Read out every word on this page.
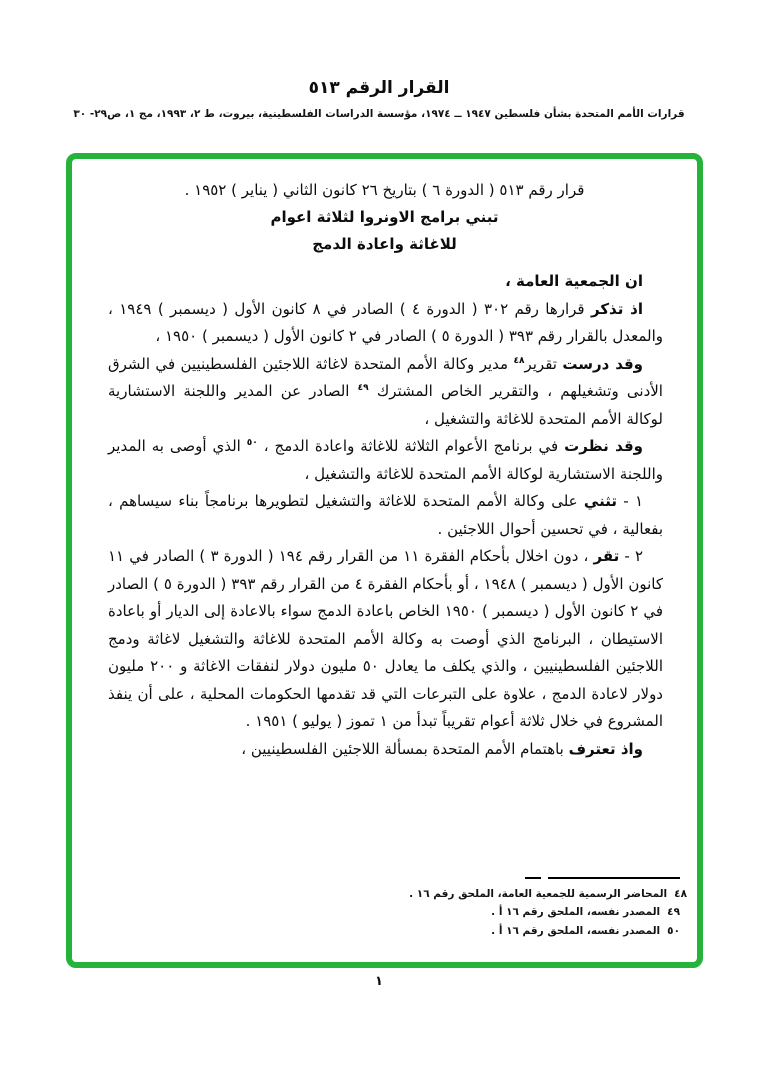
القرار الرقم ٥١٣
قرارات الأمم المتحدة بشأن فلسطين ١٩٤٧ ــ ١٩٧٤، مؤسسة الدراسات الفلسطينية، بيروت، ط ٢، ١٩٩٣، مج ١، ص٢٩- ٣٠
قرار رقم ٥١٣ ( الدورة ٦ ) بتاريخ ٢٦ كانون الثاني ( يناير ) ١٩٥٢ .
تبني برامج الاونروا لثلاثة اعوام
للاغاثة واعادة الدمج

ان الجمعية العامة ،

اذ تذكر قرارها رقم ٣٠٢ ( الدورة ٤ ) الصادر في ٨ كانون الأول ( ديسمبر ) ١٩٤٩ ، والمعدل بالقرار رقم ٣٩٣ ( الدورة ٥ ) الصادر في ٢ كانون الأول ( ديسمبر ) ١٩٥٠ ،

وقد درست تقرير$^{٤٨}$ مدير وكالة الأمم المتحدة لاغاثة اللاجئين الفلسطينيين في الشرق الأدنى وتشغيلهم ، والتقرير الخاص المشترك $^{٤٩}$ الصادر عن المدير واللجنة الاستشارية لوكالة الأمم المتحدة للاغاثة والتشغيل ،

وقد نظرت في برنامج الأعوام الثلاثة للاغاثة واعادة الدمج ، $^{٥٠}$ الذي أوصى به المدير واللجنة الاستشارية لوكالة الأمم المتحدة للاغاثة والتشغيل ،

١ - تثني على وكالة الأمم المتحدة للاغاثة والتشغيل لتطويرها برنامجاً بناء سيساهم ، بفعالية ، في تحسين أحوال اللاجئين .

٢ - تقر ، دون اخلال بأحكام الفقرة ١١ من القرار رقم ١٩٤ ( الدورة ٣ ) الصادر في ١١ كانون الأول ( ديسمبر ) ١٩٤٨ ، أو بأحكام الفقرة ٤ من القرار رقم ٣٩٣ ( الدورة ٥ ) الصادر في ٢ كانون الأول ( ديسمبر ) ١٩٥٠ الخاص باعادة الدمج سواء بالاعادة إلى الديار أو باعادة الاستيطان ، البرنامج الذي أوصت به وكالة الأمم المتحدة للاغاثة والتشغيل لاغاثة ودمج اللاجئين الفلسطينيين ، والذي يكلف ما يعادل ٥٠ مليون دولار لنفقات الاغاثة و ٢٠٠ مليون دولار لاعادة الدمج ، علاوة على التبرعات التي قد تقدمها الحكومات المحلية ، على أن ينفذ المشروع في خلال ثلاثة أعوام تقريباً تبدأ من ١ تموز ( يوليو ) ١٩٥١ .

واذ تعترف باهتمام الأمم المتحدة بمسألة اللاجئين الفلسطينيين ،

٤٨المحاضر الرسمية للجمعية العامة، الملحق رقم ١٦ .
٤٩المصدر نفسه، الملحق رقم ١٦ أ .
٥٠المصدر نفسه، الملحق رقم ١٦ أ .
١
